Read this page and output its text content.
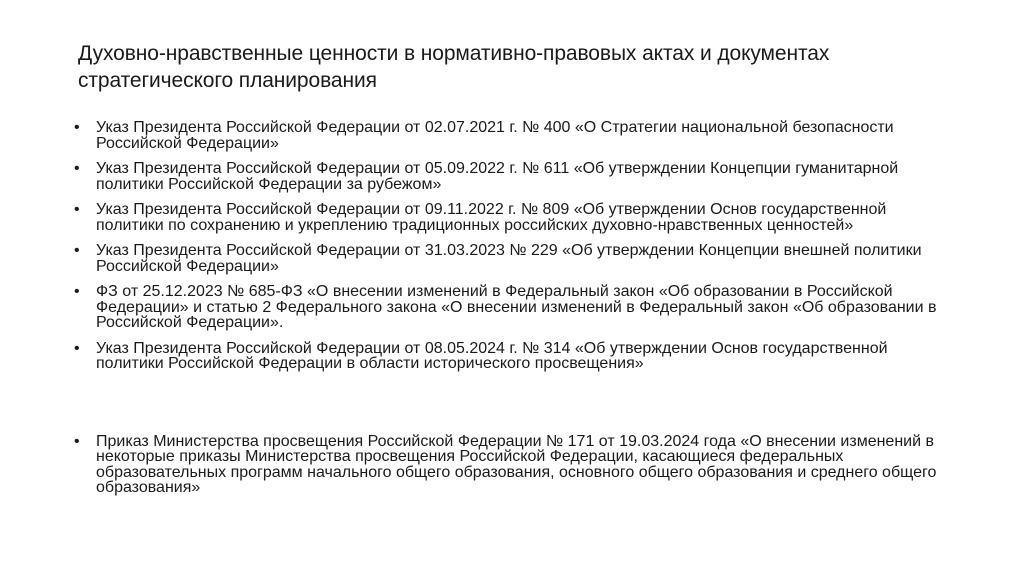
Духовно-нравственные ценности в нормативно-правовых актах и документах стратегического планирования
•	Указ Президента Российской Федерации от 02.07.2021 г. № 400 «О Стратегии национальной безопасности Российской Федерации»
•	Указ Президента Российской Федерации от 05.09.2022 г. № 611 «Об утверждении Концепции гуманитарной политики Российской Федерации за рубежом»
•	Указ Президента Российской Федерации от 09.11.2022 г. № 809 «Об утверждении Основ государственной политики по сохранению и укреплению традиционных российских духовно-нравственных ценностей»
•	Указ Президента Российской Федерации от 31.03.2023 № 229 «Об утверждении Концепции внешней политики Российской Федерации»
•	ФЗ от 25.12.2023 № 685-ФЗ «О внесении изменений в Федеральный закон «Об образовании в Российской Федерации» и статью 2 Федерального закона «О внесении изменений в Федеральный закон «Об образовании в Российской Федерации».
•	Указ Президента Российской Федерации от 08.05.2024 г. № 314 «Об утверждении Основ государственной политики Российской Федерации в области исторического просвещения»
•	Приказ Министерства просвещения Российской Федерации № 171 от 19.03.2024 года «О внесении изменений в некоторые приказы Министерства просвещения Российской Федерации, касающиеся федеральных образовательных программ начального общего образования, основного общего образования и среднего общего образования»
